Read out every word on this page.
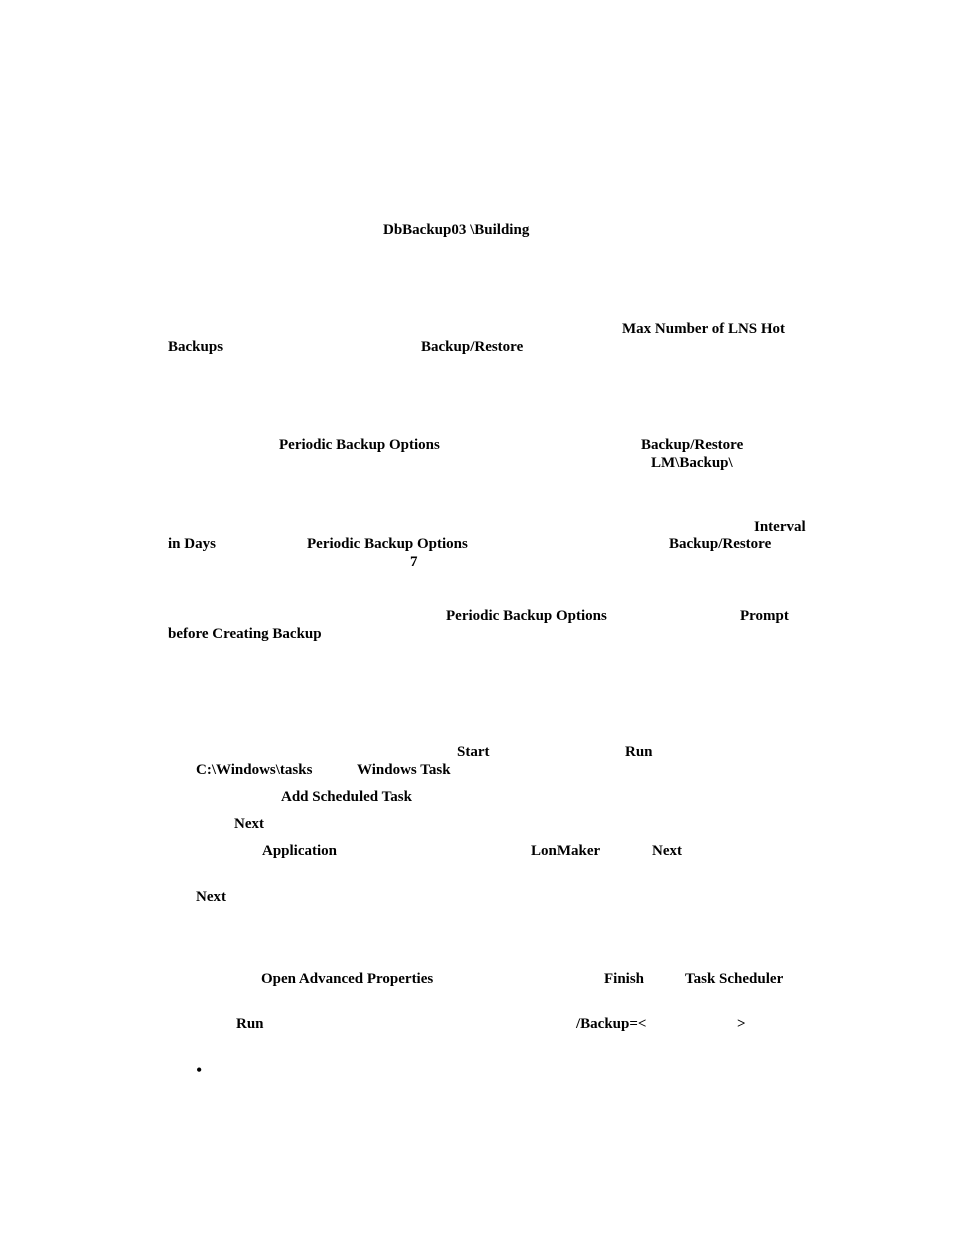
DbBackup03 \Building
Max Number of LNS Hot
Backups	Backup/Restore
Periodic Backup Options	Backup/Restore
LM\Backup\
Interval
in Days	Periodic Backup Options	Backup/Restore
7
Periodic Backup Options	Prompt
before Creating Backup
Start	Run
C:\Windows\tasks	Windows Task
Add Scheduled Task
Next
Application	LonMaker	Next
Next
Open Advanced Properties	Finish	Task Scheduler
Run	/Backup=<	>
•
